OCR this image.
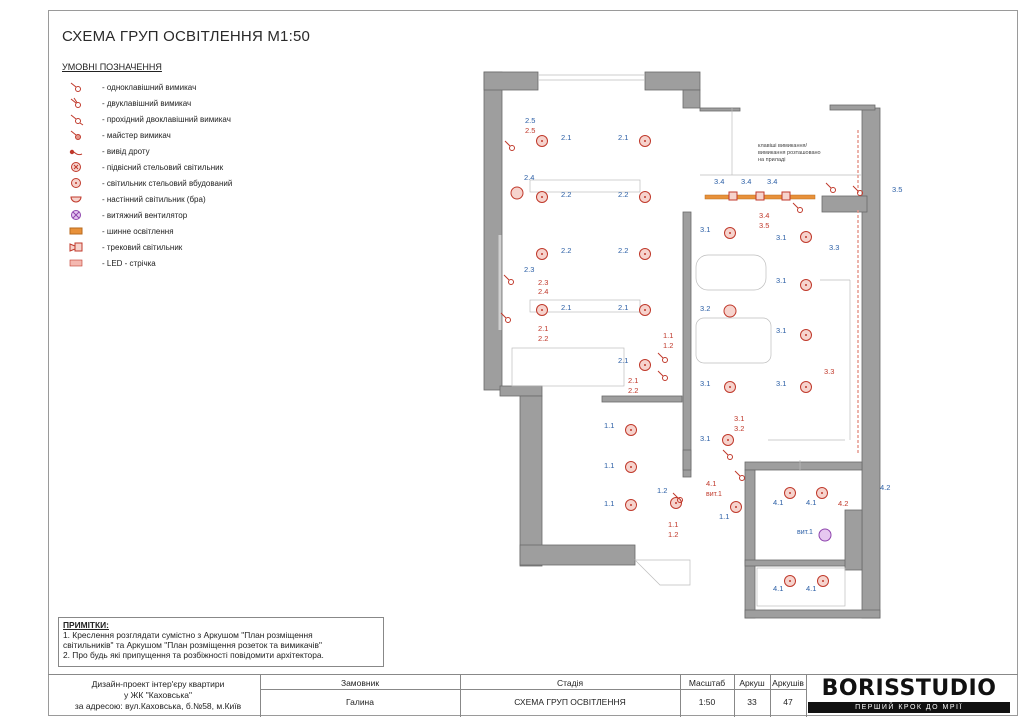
СХЕМА ГРУП ОСВІТЛЕННЯ М1:50
УМОВНІ ПОЗНАЧЕННЯ
- одноклавішний вимикач
- двуклавішний вимикач
- прохідний двоклавішний вимикач
- майстер вимикач
- вивід дроту
- підвісний стельовий світильник
- світильник стельовий вбудований
- настінний світильник (бра)
- витяжний вентилятор
- шинне освітлення
- трековий світильник
- LED - стрічка
клавіші вимикання/
вимикання розташовано
на приладі
2.5
2.5
2.4
2.3
2.3
2.4
2.1
2.2	1.1
1.2
2.1
2.2
2.1	2.1
2.2	2.2
2.2	2.2
2.1	2.1
2.1
1.1
1.1
1.1
1.2
1.1
1.2
1.1
3.4 3.4 3.4
3.4
3.5
3.5
3.1
3.1
3.3
3.1
3.2
3.1
3.1	3.1
3.3
3.1
3.2
3.1
4.1
вит.1
4.1
4.2
4.2
4.1
вит.1
4.1	4.1
ПРИМІТКИ:
1. Креслення розглядати сумістно з Аркушом "План розміщення
світильників" та Аркушом "План розміщення розеток та вимикачів"
2. Про будь які припущення та розбіжності повідомити архітектора.
Дизайн-проект інтер'єру квартири
у ЖК "Каховська"
за адресою: вул.Каховська, б.№58, м.Київ
Замовник
Галина
Стадія
СХЕМА ГРУП ОСВІТЛЕННЯ
Масштаб
1:50
Аркуш
33
Аркушів
47
BORISSTUDIO
ПЕРШИЙ КРОК ДО МРІЇ
